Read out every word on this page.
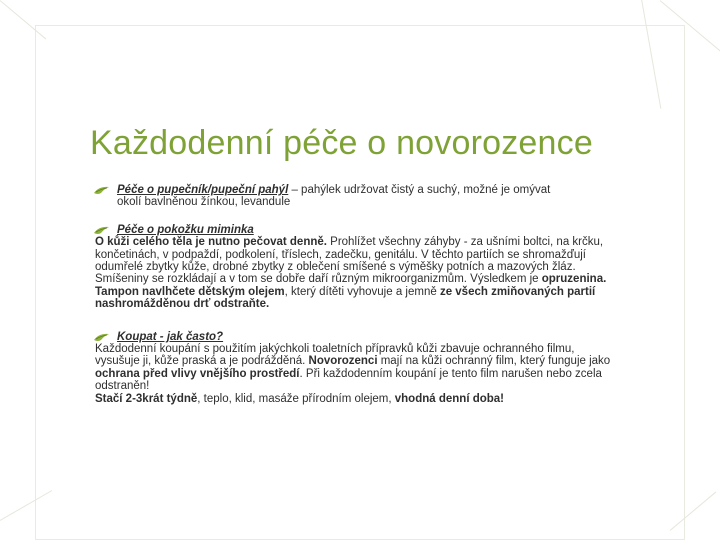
Každodenní péče o novorozence
Péče o pupečník/pupeční pahýl – pahýlek udržovat čistý a suchý, možné je omývat
okolí bavlněnou žínkou, levandule
Péče o pokožku miminka

O kůži celého těla je nutno pečovat denně. Prohlížet všechny záhyby - za ušními boltci, na krčku, končetinách, v podpaždí, podkolení, tříslech, zadečku, genitálu. V těchto partiích se shromažďují odumřelé zbytky kůže, drobné zbytky z oblečení smíšené s výměšky potních a mazových žláz. Smíšeniny se rozkládají a v tom se dobře daří různým mikroorganizmům. Výsledkem je opruzenina. Tampon navlhčete dětským olejem, který dítěti vyhovuje a jemně ze všech zmiňovaných partií nashromážděnou drť odstraňte.

Koupat - jak často?

Každodenní koupání s použitím jakýchkoli toaletních přípravků kůži zbavuje ochranného filmu, vysušuje ji, kůže praská a je podrážděná. Novorozenci mají na kůži ochranný film, který funguje jako ochrana před vlivy vnějšího prostředí. Při každodenním koupání je tento film narušen nebo zcela odstraněn!

Stačí 2-3krát týdně, teplo, klid, masáže přírodním olejem, vhodná denní doba!
